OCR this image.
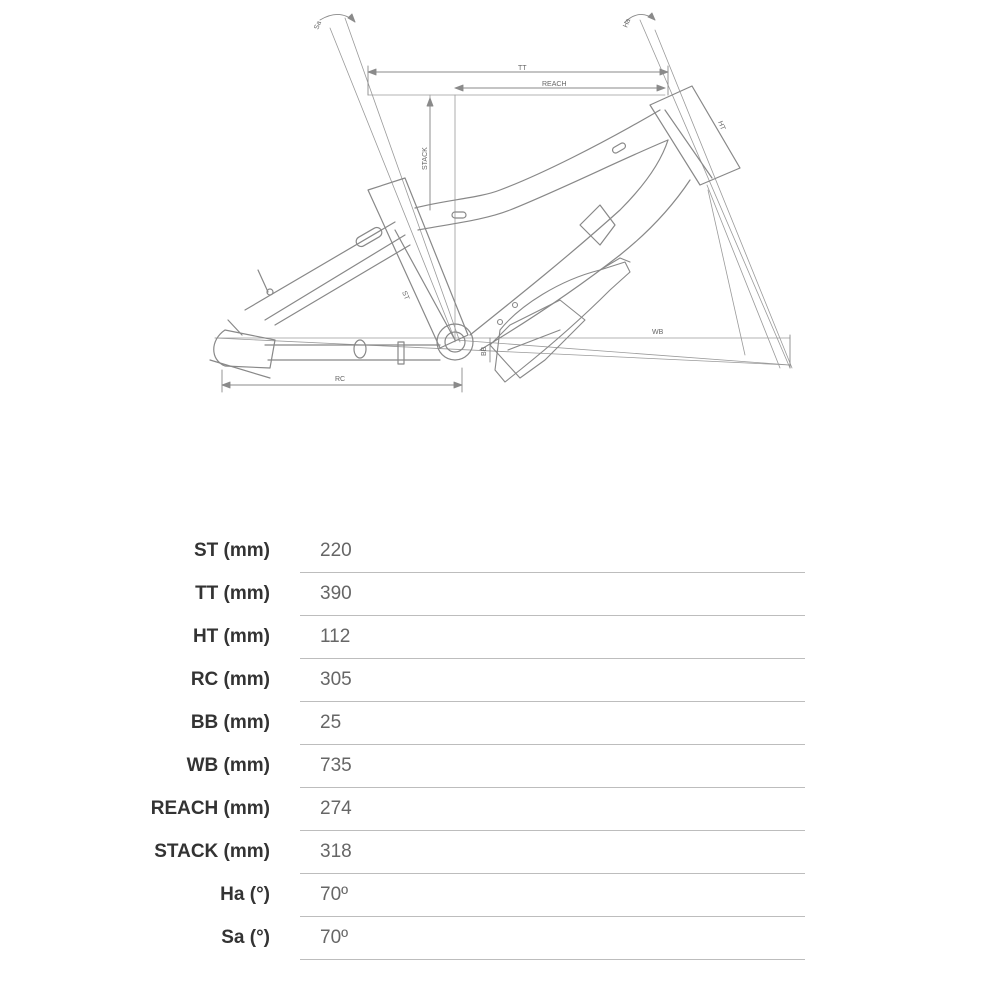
Sa	Ha
TT
REACH
HT
STACK
ST
WB
BB
RC
ST (mm)	220
TT (mm)	390
HT (mm)	112
RC (mm)	305
BB (mm)	25
WB (mm)	735
REACH (mm)	274
STACK (mm)	318
Ha (°)	70º
Sa (°)	70º
